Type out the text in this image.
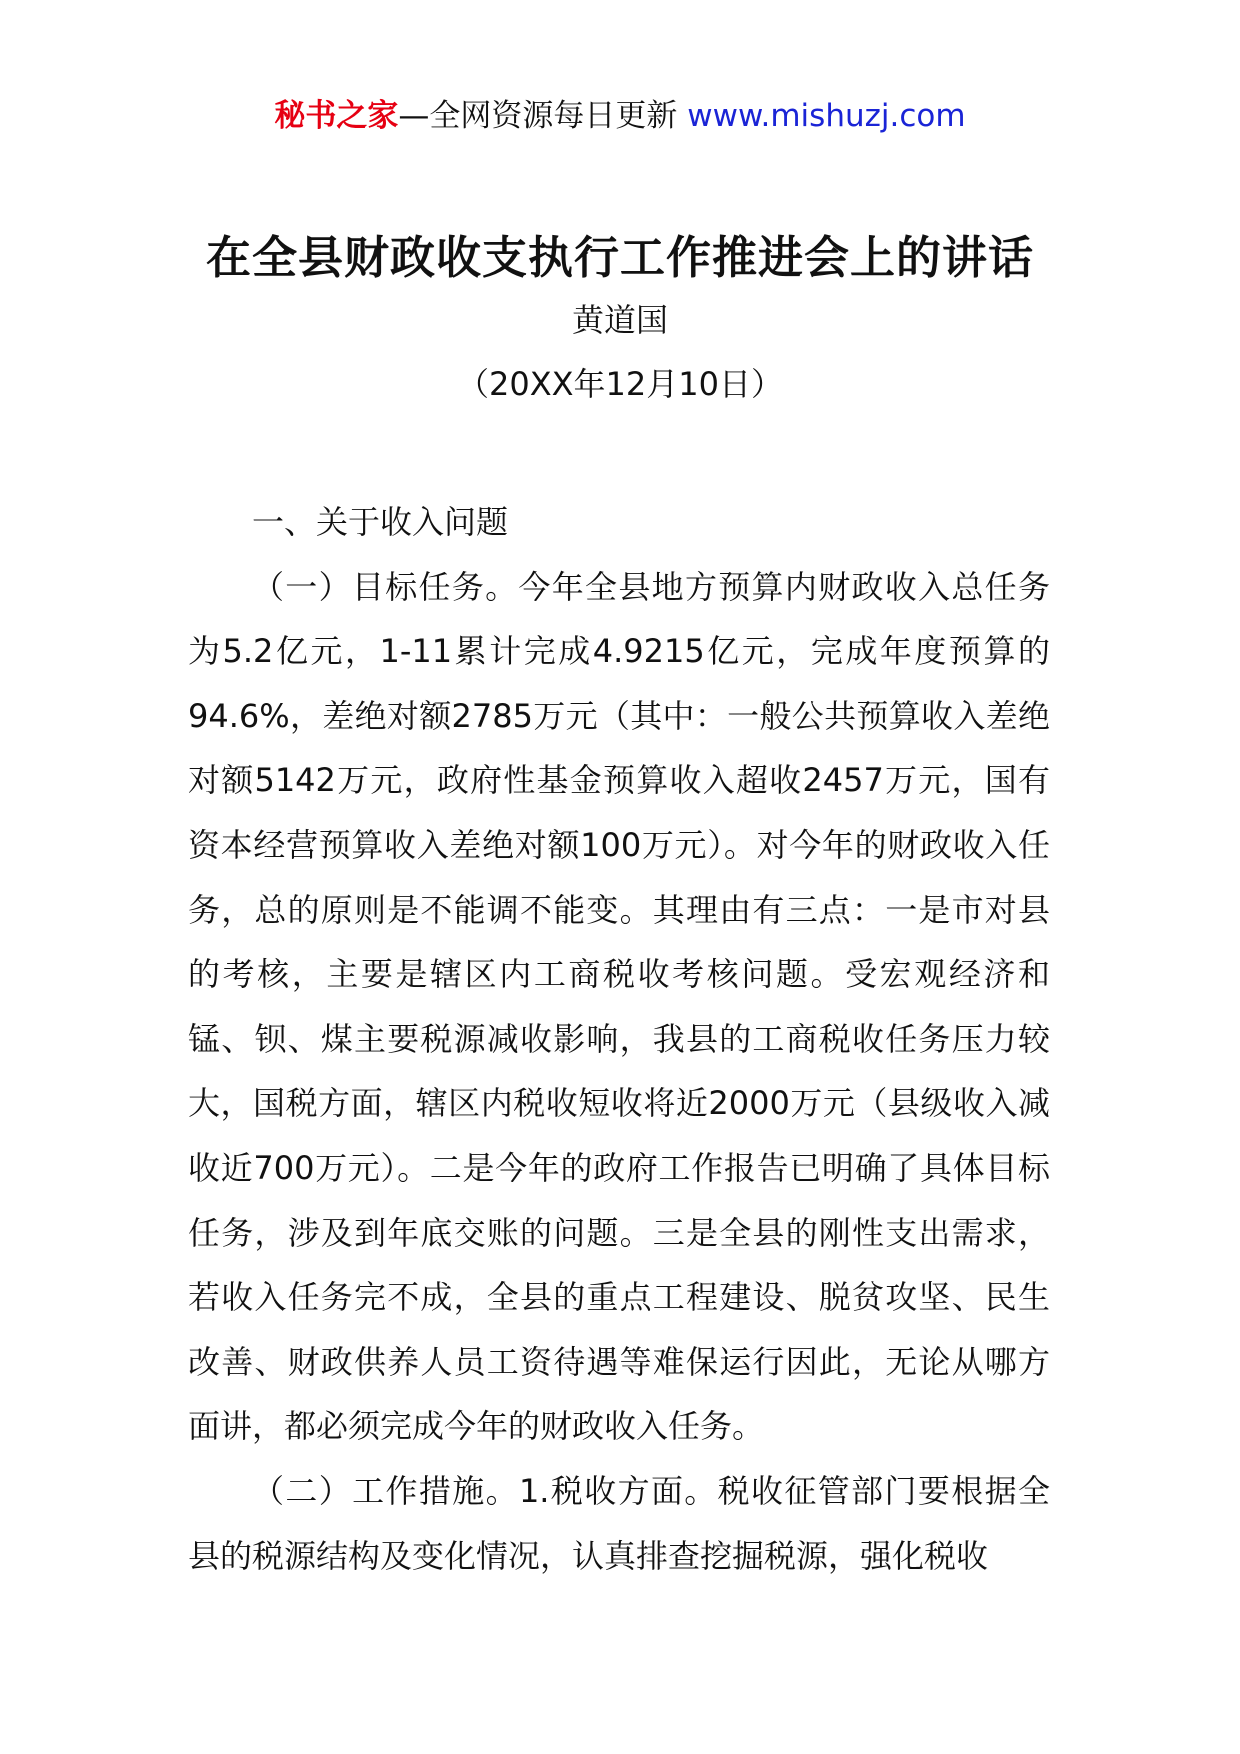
秘书之家—全网资源每日更新 www.mishuzj.com
在全县财政收支执行工作推进会上的讲话
黄道国
（20XX年12月10日）

一、关于收入问题

（一）目标任务。今年全县地方预算内财政收入总任务为5.2亿元，1-11累计完成4.9215亿元，完成年度预算的94.6%，差绝对额2785万元（其中：一般公共预算收入差绝对额5142万元，政府性基金预算收入超收2457万元，国有资本经营预算收入差绝对额100万元）。对今年的财政收入任务，总的原则是不能调不能变。其理由有三点：一是市对县的考核，主要是辖区内工商税收考核问题。受宏观经济和锰、钡、煤主要税源减收影响，我县的工商税收任务压力较大，国税方面，辖区内税收短收将近2000万元（县级收入减收近700万元）。二是今年的政府工作报告已明确了具体目标任务，涉及到年底交账的问题。三是全县的刚性支出需求，若收入任务完不成，全县的重点工程建设、脱贫攻坚、民生改善、财政供养人员工资待遇等难保运行因此，无论从哪方面讲，都必须完成今年的财政收入任务。

（二）工作措施。1.税收方面。税收征管部门要根据全县的税源结构及变化情况，认真排查挖掘税源，强化税收
